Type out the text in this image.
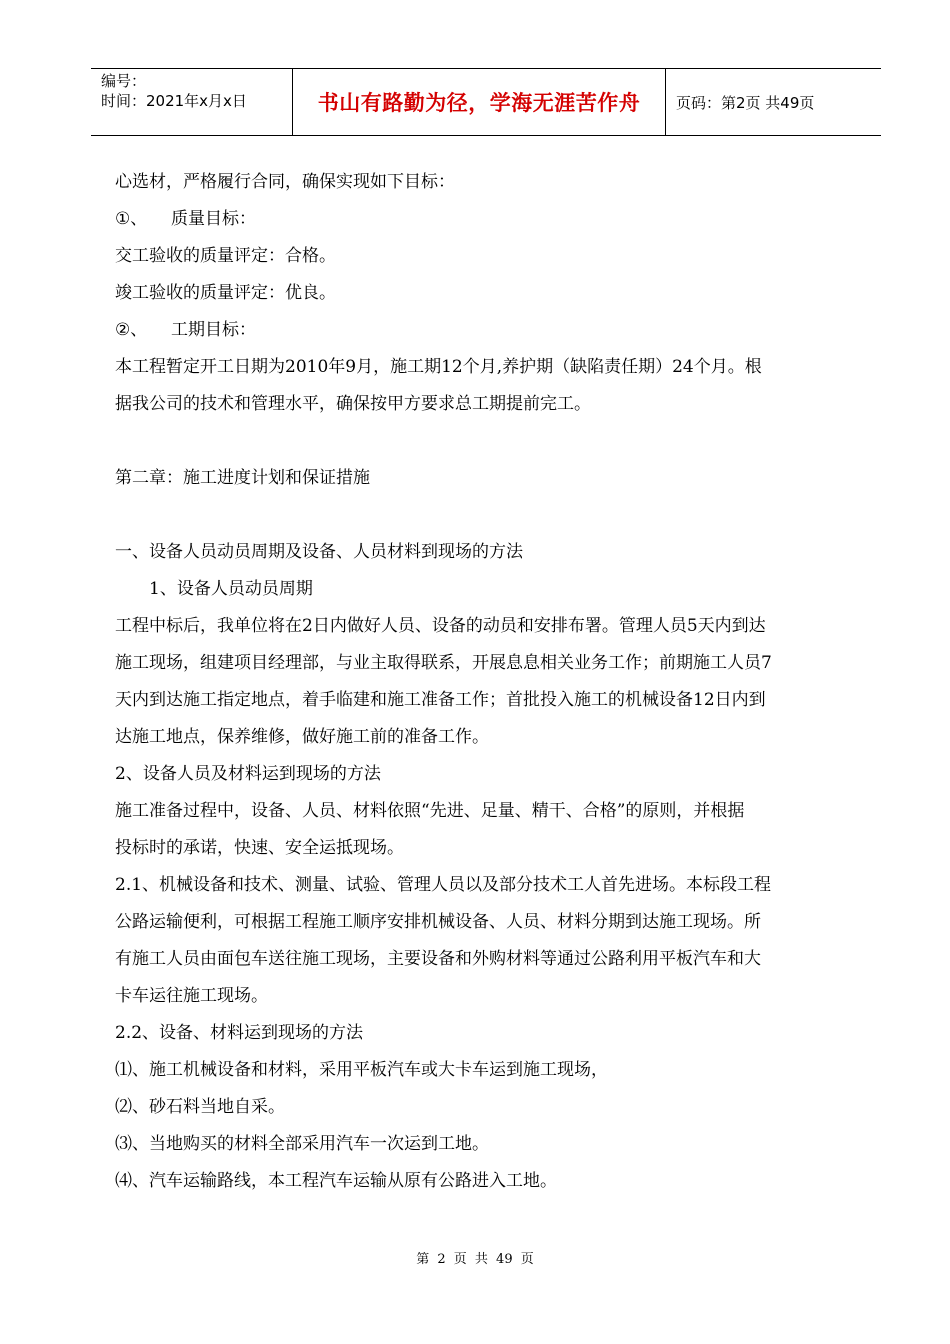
编号：
时间：2021年x月x日	书山有路勤为径，学海无涯苦作舟	页码：第2页 共49页

心选材，严格履行合同，确保实现如下目标：

①、 质量目标：

交工验收的质量评定：合格。

竣工验收的质量评定：优良。

②、 工期目标：

本工程暂定开工日期为2010年9月，施工期12个月,养护期（缺陷责任期）24个月。根

据我公司的技术和管理水平，确保按甲方要求总工期提前完工。

第二章：施工进度计划和保证措施

一、设备人员动员周期及设备、人员材料到现场的方法

1、设备人员动员周期

工程中标后，我单位将在2日内做好人员、设备的动员和安排布署。管理人员5天内到达

施工现场，组建项目经理部，与业主取得联系，开展息息相关业务工作；前期施工人员7

天内到达施工指定地点，着手临建和施工准备工作；首批投入施工的机械设备12日内到

达施工地点，保养维修，做好施工前的准备工作。

2、设备人员及材料运到现场的方法

施工准备过程中，设备、人员、材料依照“先进、足量、精干、合格”的原则，并根据

投标时的承诺，快速、安全运抵现场。

2.1、机械设备和技术、测量、试验、管理人员以及部分技术工人首先进场。本标段工程

公路运输便利，可根据工程施工顺序安排机械设备、人员、材料分期到达施工现场。所

有施工人员由面包车送往施工现场，主要设备和外购材料等通过公路利用平板汽车和大

卡车运往施工现场。

2.2、设备、材料运到现场的方法

⑴、施工机械设备和材料，采用平板汽车或大卡车运到施工现场，

⑵、砂石料当地自采。

⑶、当地购买的材料全部采用汽车一次运到工地。

⑷、汽车运输路线，本工程汽车运输从原有公路进入工地。

第 2 页 共 49 页
